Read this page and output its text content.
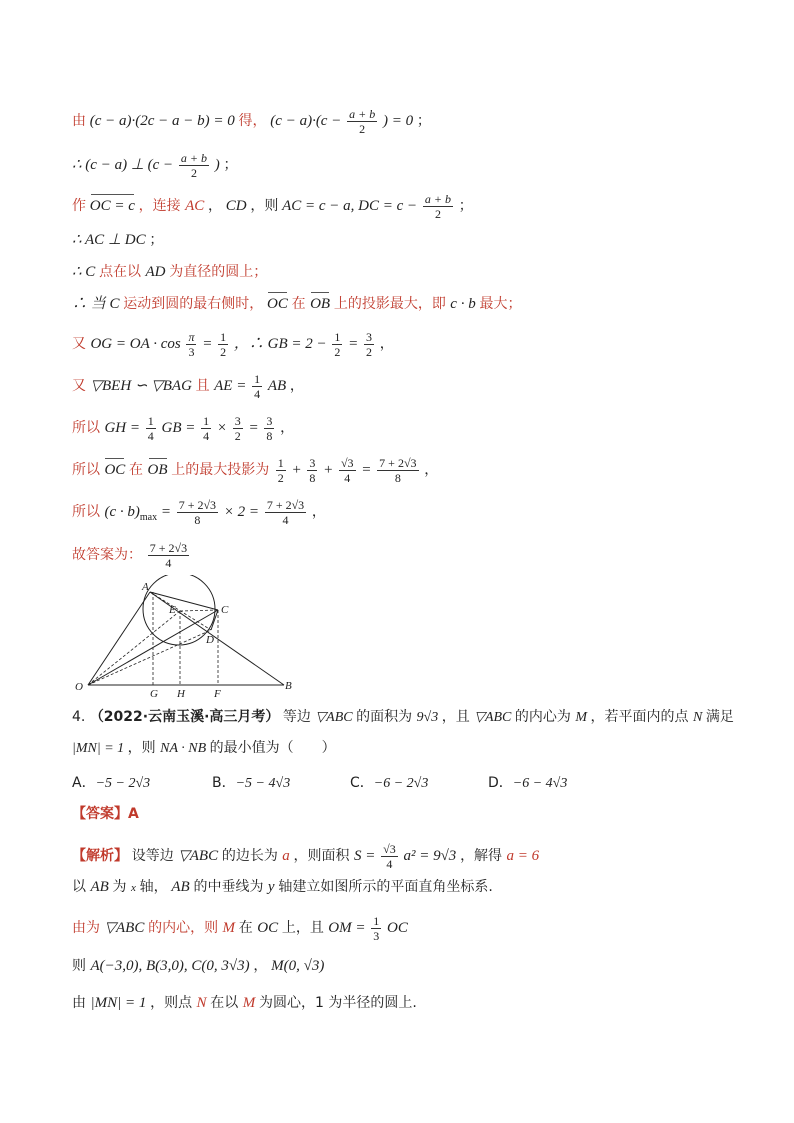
由 (c − a)·(2c − a − b) = 0 得， $(c - a)\cdot(c - \frac{a + b}{2}$ ) = 0 ；
∴ (c − a) ⊥ ($c - \frac{a + b}{2}$ ) ；
作 OC = c ，连接 AC ， CD ，则 AC = c − a, DC = $c - \frac{a + b}{2}$ ；
∴ AC ⊥ DC ；
∴ C 点在以 AD 为直径的圆上；
∴ 当 C 运动到圆的最右侧时， OC 在 OB 上的投影最大，即 c · b 最大；
又 OG = OA · $\cos \frac{\pi}{3} = \frac{1}{2}$ ，∴ GB = $2 - \frac{1}{2} = \frac{3}{2}$ ，
又 ▽BEH ∽ ▽BAG 且 AE = $\frac{1}{4}$ AB ，
所以 GH = $\frac{1}{4}$ GB = $\frac{1}{4} \times \frac{3}{2} = \frac{3}{8}$ ，
所以 OC 在 OB 上的最大投影为 $\frac{1}{2} + \frac{3}{8} + \frac{√3}{4} = \frac{7 + 2√3}{8}$ ，
所以 $(c \cdot b)_{max} = \frac{7 + 2√3}{8} \times 2 = \frac{7 + 2√3}{4}$ ，
故答案为： $\frac{7 + 2√3}{4}$
A
E	C
D
O
G H	F
B
4. （2022·云南玉溪·高三月考） 等边 ▽ABC 的面积为 9√3 ，且 ▽ABC 的内心为 M ，若平面内的点 N 满足
|MN| = 1 ，则 NA · NB 的最小值为（　　）
A．−5 − 2√3	B．−5 − 4√3	C．−6 − 2√3	D．−6 − 4√3
【答案】A
【解析】 设等边 ▽ABC 的边长为 a ，则面积 $S = \frac{√3}{4} a^2 = 9√3$ ，解得 a = 6
以 AB 为 x 轴， AB 的中垂线为 y 轴建立如图所示的平面直角坐标系.
由为 ▽ABC 的内心，则 M 在 OC 上，且 OM = $\frac{1}{3}$ OC
则 A(−3,0), B(3,0), C(0, 3√3) ， M(0, √3)
由 |MN| = 1 ，则点 N 在以 M 为圆心，1 为半径的圆上.
